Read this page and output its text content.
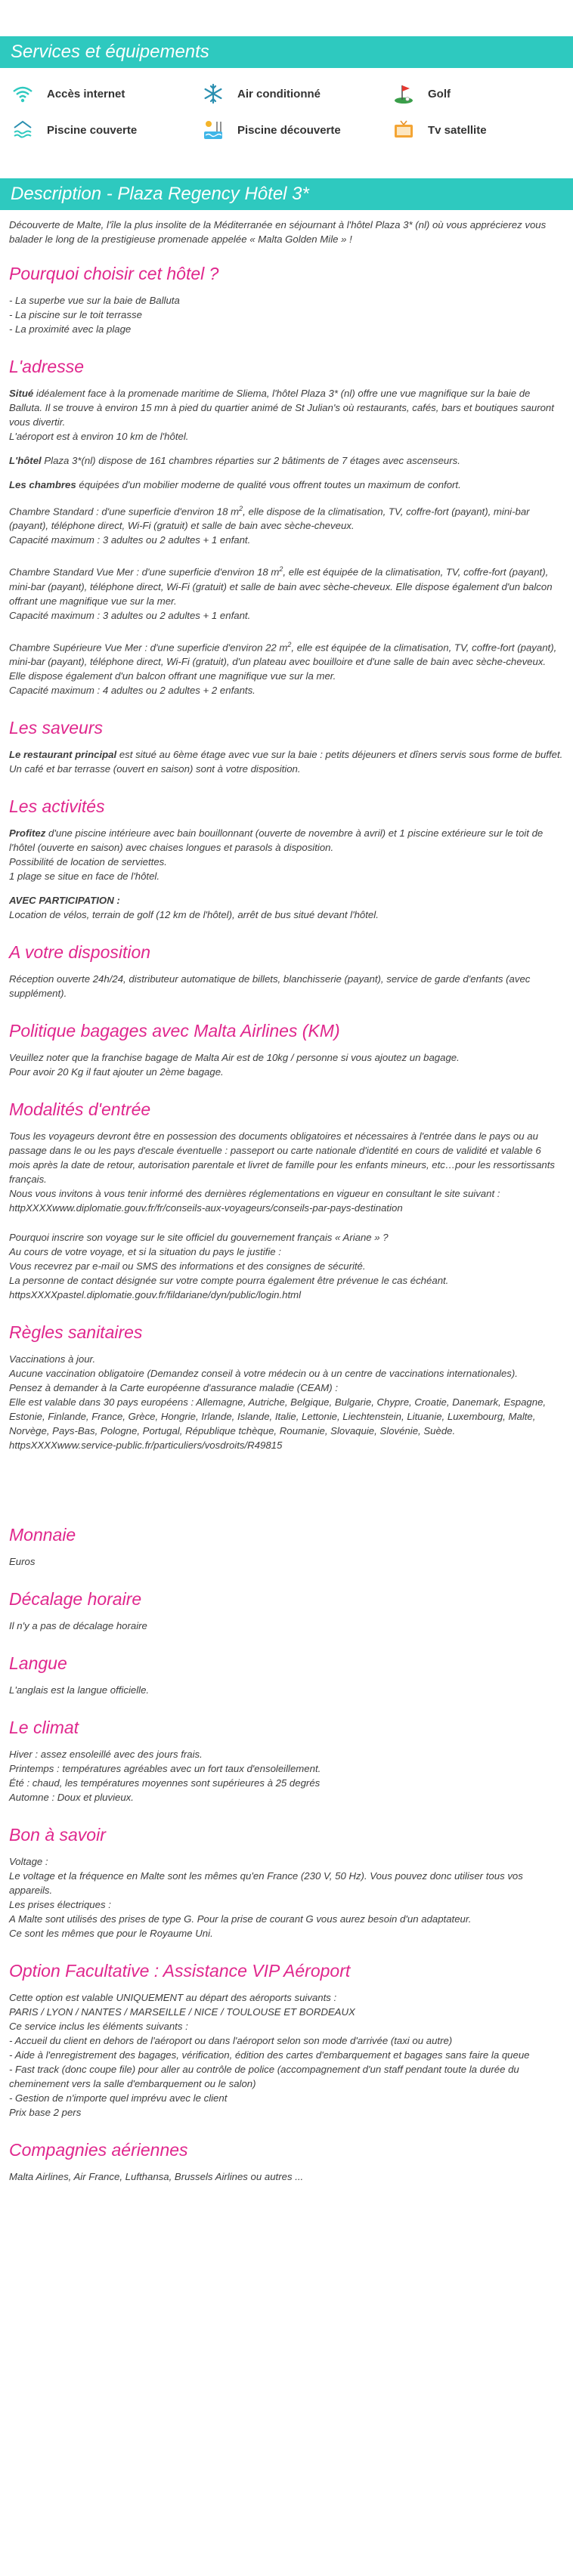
Services et équipements
Accès internet	Air conditionné	Golf
Piscine couverte	Piscine découverte	Tv satellite
Description - Plaza Regency Hôtel 3*

Découverte de Malte, l'île la plus insolite de la Méditerranée en séjournant à l'hôtel Plaza 3* (nl) où vous apprécierez vous balader le long de la prestigieuse promenade appelée « Malta Golden Mile » !

Pourquoi choisir cet hôtel ?
- La superbe vue sur la baie de Balluta
- La piscine sur le toit terrasse
- La proximité avec la plage
L'adresse

Situé idéalement face à la promenade maritime de Sliema, l'hôtel Plaza 3* (nl) offre une vue magnifique sur la baie de Balluta. Il se trouve à environ 15 mn à pied du quartier animé de St Julian's où restaurants, cafés, bars et boutiques sauront vous divertir.
L'aéroport est à environ 10 km de l'hôtel.

L'hôtel Plaza 3*(nl) dispose de 161 chambres réparties sur 2 bâtiments de 7 étages avec ascenseurs.

Les chambres équipées d'un mobilier moderne de qualité vous offrent toutes un maximum de confort.

Chambre Standard : d'une superficie d'environ 18 $m^2$, elle dispose de la climatisation, TV, coffre-fort (payant), mini-bar (payant), téléphone direct, Wi-Fi (gratuit) et salle de bain avec sèche-cheveux.
Capacité maximum : 3 adultes ou 2 adultes + 1 enfant.

Chambre Standard Vue Mer : d'une superficie d'environ 18 $m^2$, elle est équipée de la climatisation, TV, coffre-fort (payant), mini-bar (payant), téléphone direct, Wi-Fi (gratuit) et salle de bain avec sèche-cheveux. Elle dispose également d'un balcon offrant une magnifique vue sur la mer.
Capacité maximum : 3 adultes ou 2 adultes + 1 enfant.

Chambre Supérieure Vue Mer : d'une superficie d'environ 22 $m^2$, elle est équipée de la climatisation, TV, coffre-fort (payant), mini-bar (payant), téléphone direct, Wi-Fi (gratuit), d'un plateau avec bouilloire et d'une salle de bain avec sèche-cheveux. Elle dispose également d'un balcon offrant une magnifique vue sur la mer.
Capacité maximum : 4 adultes ou 2 adultes + 2 enfants.

Les saveurs

Le restaurant principal est situé au 6ème étage avec vue sur la baie : petits déjeuners et dîners servis sous forme de buffet.
Un café et bar terrasse (ouvert en saison) sont à votre disposition.

Les activités

Profitez d'une piscine intérieure avec bain bouillonnant (ouverte de novembre à avril) et 1 piscine extérieure sur le toit de l'hôtel (ouverte en saison) avec chaises longues et parasols à disposition.
Possibilité de location de serviettes.
1 plage se situe en face de l'hôtel.

AVEC PARTICIPATION :
Location de vélos, terrain de golf (12 km de l'hôtel), arrêt de bus situé devant l'hôtel.

A votre disposition

Réception ouverte 24h/24, distributeur automatique de billets, blanchisserie (payant), service de garde d'enfants (avec supplément).

Politique bagages avec Malta Airlines (KM)

Veuillez noter que la franchise bagage de Malta Air est de 10kg / personne si vous ajoutez un bagage.
Pour avoir 20 Kg il faut ajouter un 2ème bagage.

Modalités d'entrée

Tous les voyageurs devront être en possession des documents obligatoires et nécessaires à l'entrée dans le pays ou au passage dans le ou les pays d'escale éventuelle : passeport ou carte nationale d'identité en cours de validité et valable 6 mois après la date de retour, autorisation parentale et livret de famille pour les enfants mineurs, etc…pour les ressortissants français.
Nous vous invitons à vous tenir informé des dernières réglementations en vigueur en consultant le site suivant : httpXXXXwww.diplomatie.gouv.fr/fr/conseils-aux-voyageurs/conseils-par-pays-destination

Pourquoi inscrire son voyage sur le site officiel du gouvernement français « Ariane » ?
Au cours de votre voyage, et si la situation du pays le justifie :
Vous recevrez par e-mail ou SMS des informations et des consignes de sécurité.
La personne de contact désignée sur votre compte pourra également être prévenue le cas échéant.
httpsXXXXpastel.diplomatie.gouv.fr/fildariane/dyn/public/login.html

Règles sanitaires

Vaccinations à jour.
Aucune vaccination obligatoire (Demandez conseil à votre médecin ou à un centre de vaccinations internationales).
Pensez à demander à la Carte européenne d'assurance maladie (CEAM) :
Elle est valable dans 30 pays européens : Allemagne, Autriche, Belgique, Bulgarie, Chypre, Croatie, Danemark, Espagne, Estonie, Finlande, France, Grèce, Hongrie, Irlande, Islande, Italie, Lettonie, Liechtenstein, Lituanie, Luxembourg, Malte, Norvège, Pays-Bas, Pologne, Portugal, République tchèque, Roumanie, Slovaquie, Slovénie, Suède.
httpsXXXXwww.service-public.fr/particuliers/vosdroits/R49815

Monnaie

Euros

Décalage horaire

Il n'y a pas de décalage horaire

Langue

L'anglais est la langue officielle.

Le climat

Hiver : assez ensoleillé avec des jours frais.
Printemps : températures agréables avec un fort taux d'ensoleillement.
Été : chaud, les températures moyennes sont supérieures à 25 degrés
Automne : Doux et pluvieux.

Bon à savoir

Voltage :
Le voltage et la fréquence en Malte sont les mêmes qu'en France (230 V, 50 Hz). Vous pouvez donc utiliser tous vos appareils.
Les prises électriques :
A Malte sont utilisés des prises de type G. Pour la prise de courant G vous aurez besoin d'un adaptateur.
Ce sont les mêmes que pour le Royaume Uni.

Option Facultative : Assistance VIP Aéroport

Cette option est valable UNIQUEMENT au départ des aéroports suivants :
PARIS / LYON / NANTES / MARSEILLE / NICE / TOULOUSE ET BORDEAUX
Ce service inclus les éléments suivants :
- Accueil du client en dehors de l'aéroport ou dans l'aéroport selon son mode d'arrivée (taxi ou autre)
- Aide à l'enregistrement des bagages, vérification, édition des cartes d'embarquement et bagages sans faire la queue
- Fast track (donc coupe file) pour aller au contrôle de police (accompagnement d'un staff pendant toute la durée du cheminement vers la salle d'embarquement ou le salon)
- Gestion de n'importe quel imprévu avec le client
Prix base 2 pers

Compagnies aériennes

Malta Airlines, Air France, Lufthansa, Brussels Airlines ou autres ...
